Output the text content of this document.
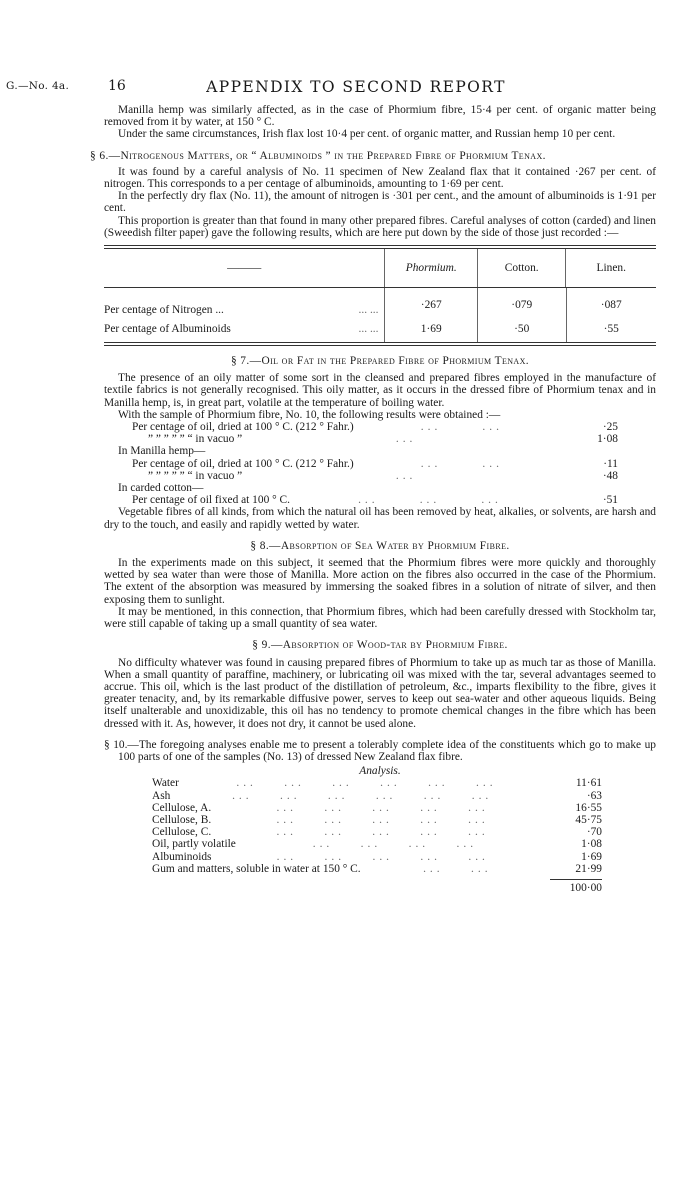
G.—No. 4a.	16	APPENDIX TO SECOND REPORT

Manilla hemp was similarly affected, as in the case of Phormium fibre, 15·4 per cent. of organic matter being removed from it by water, at 150 ° C.

Under the same circumstances, Irish flax lost 10·4 per cent. of organic matter, and Russian hemp 10 per cent.

§ 6.—Nitrogenous Matters, or “ Albuminoids ” in the Prepared Fibre of Phormium Tenax.

It was found by a careful analysis of No. 11 specimen of New Zealand flax that it contained ·267 per cent. of nitrogen. This corresponds to a per centage of albuminoids, amounting to 1·69 per cent.

In the perfectly dry flax (No. 11), the amount of nitrogen is ·301 per cent., and the amount of albuminoids is 1·91 per cent.

This proportion is greater than that found in many other prepared fibres. Careful analyses of cotton (carded) and linen (Sweedish filter paper) gave the following results, which are here put down by the side of those just recorded :—

———	Phormium.	Cotton.	Linen.
Per centage of Nitrogen ...	... ...	·267	·079	·087
Per centage of Albuminoids	... ...	1·69	·50	·55

§ 7.—Oil or Fat in the Prepared Fibre of Phormium Tenax.

The presence of an oily matter of some sort in the cleansed and prepared fibres employed in the manufacture of textile fabrics is not generally recognised. This oily matter, as it occurs in the dressed fibre of Phormium tenax and in Manilla hemp, is, in great part, volatile at the temperature of boiling water.

With the sample of Phormium fibre, No. 10, the following results were obtained :—

Per centage of oil, dried at 100 ° C. (212 ° Fahr.)	...      ...	·25
” ” ” ” ” “ in vacuo ”	...	1·08
In Manilla hemp—
Per centage of oil, dried at 100 ° C. (212 ° Fahr.)	...      ...	·11
” ” ” ” ” “ in vacuo ”	...	·48
In carded cotton—
Per centage of oil fixed at 100 ° C.	...      ...      ...	·51

Vegetable fibres of all kinds, from which the natural oil has been removed by heat, alkalies, or solvents, are harsh and dry to the touch, and easily and rapidly wetted by water.

§ 8.—Absorption of Sea Water by Phormium Fibre.

In the experiments made on this subject, it seemed that the Phormium fibres were more quickly and thoroughly wetted by sea water than were those of Manilla. More action on the fibres also occurred in the case of the Phormium. The extent of the absorption was measured by immersing the soaked fibres in a solution of nitrate of silver, and then exposing them to sunlight.

It may be mentioned, in this connection, that Phormium fibres, which had been carefully dressed with Stockholm tar, were still capable of taking up a small quantity of sea water.

§ 9.—Absorption of Wood-tar by Phormium Fibre.

No difficulty whatever was found in causing prepared fibres of Phormium to take up as much tar as those of Manilla. When a small quantity of paraffine, machinery, or lubricating oil was mixed with the tar, several advantages seemed to accrue. This oil, which is the last product of the distillation of petroleum, &c., imparts flexibility to the fibre, gives it greater tenacity, and, by its remarkable diffusive power, serves to keep out sea-water and other aqueous liquids. Being itself unalterable and unoxidizable, this oil has no tendency to promote chemical changes in the fibre which has been dressed with it. As, however, it does not dry, it cannot be used alone.

§ 10.—The foregoing analyses enable me to present a tolerably complete idea of the constituents which go to make up 100 parts of one of the samples (No. 13) of dressed New Zealand flax fibre.

Analysis.

Water	...    ...    ...    ...    ...    ...	11·61
Ash	...    ...    ...    ...    ...    ...	·63
Cellulose, A.	...    ...    ...    ...    ...	16·55
Cellulose, B.	...    ...    ...    ...    ...	45·75
Cellulose, C.	...    ...    ...    ...    ...	·70
Oil, partly volatile	...    ...    ...    ...	1·08
Albuminoids	...    ...    ...    ...    ...	1·69
Gum and matters, soluble in water at 150 ° C.	...    ...	21·99
100·00
